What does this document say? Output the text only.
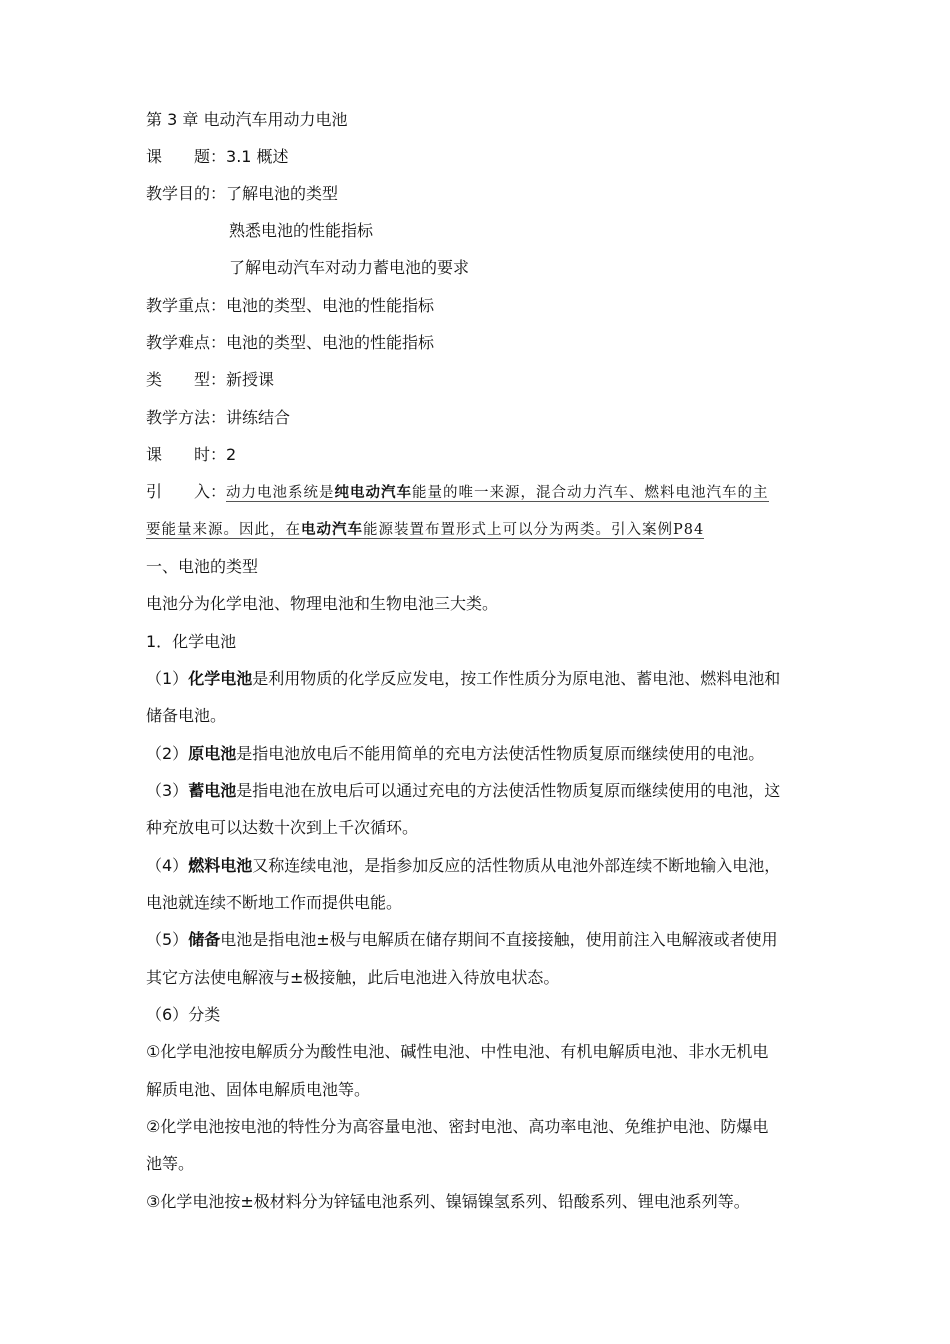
第 3 章 电动汽车用动力电池
课　　题：3.1 概述
教学目的：了解电池的类型
熟悉电池的性能指标
了解电动汽车对动力蓄电池的要求
教学重点：电池的类型、电池的性能指标
教学难点：电池的类型、电池的性能指标
类　　型：新授课
教学方法：讲练结合
课　　时：2
引　　入：动力电池系统是纯电动汽车能量的唯一来源，混合动力汽车、燃料电池汽车的主
要能量来源。因此，在电动汽车能源装置布置形式上可以分为两类。引入案例P84
一、电池的类型
电池分为化学电池、物理电池和生物电池三大类。
1．化学电池
（1）化学电池是利用物质的化学反应发电，按工作性质分为原电池、蓄电池、燃料电池和
储备电池。
（2）原电池是指电池放电后不能用简单的充电方法使活性物质复原而继续使用的电池。
（3）蓄电池是指电池在放电后可以通过充电的方法使活性物质复原而继续使用的电池，这
种充放电可以达数十次到上千次循环。
（4）燃料电池又称连续电池，是指参加反应的活性物质从电池外部连续不断地输入电池，
电池就连续不断地工作而提供电能。
（5）储备电池是指电池±极与电解质在储存期间不直接接触，使用前注入电解液或者使用
其它方法使电解液与±极接触，此后电池进入待放电状态。
（6）分类
①化学电池按电解质分为酸性电池、碱性电池、中性电池、有机电解质电池、非水无机电
解质电池、固体电解质电池等。
②化学电池按电池的特性分为高容量电池、密封电池、高功率电池、免维护电池、防爆电
池等。
③化学电池按±极材料分为锌锰电池系列、镍镉镍氢系列、铅酸系列、锂电池系列等。
